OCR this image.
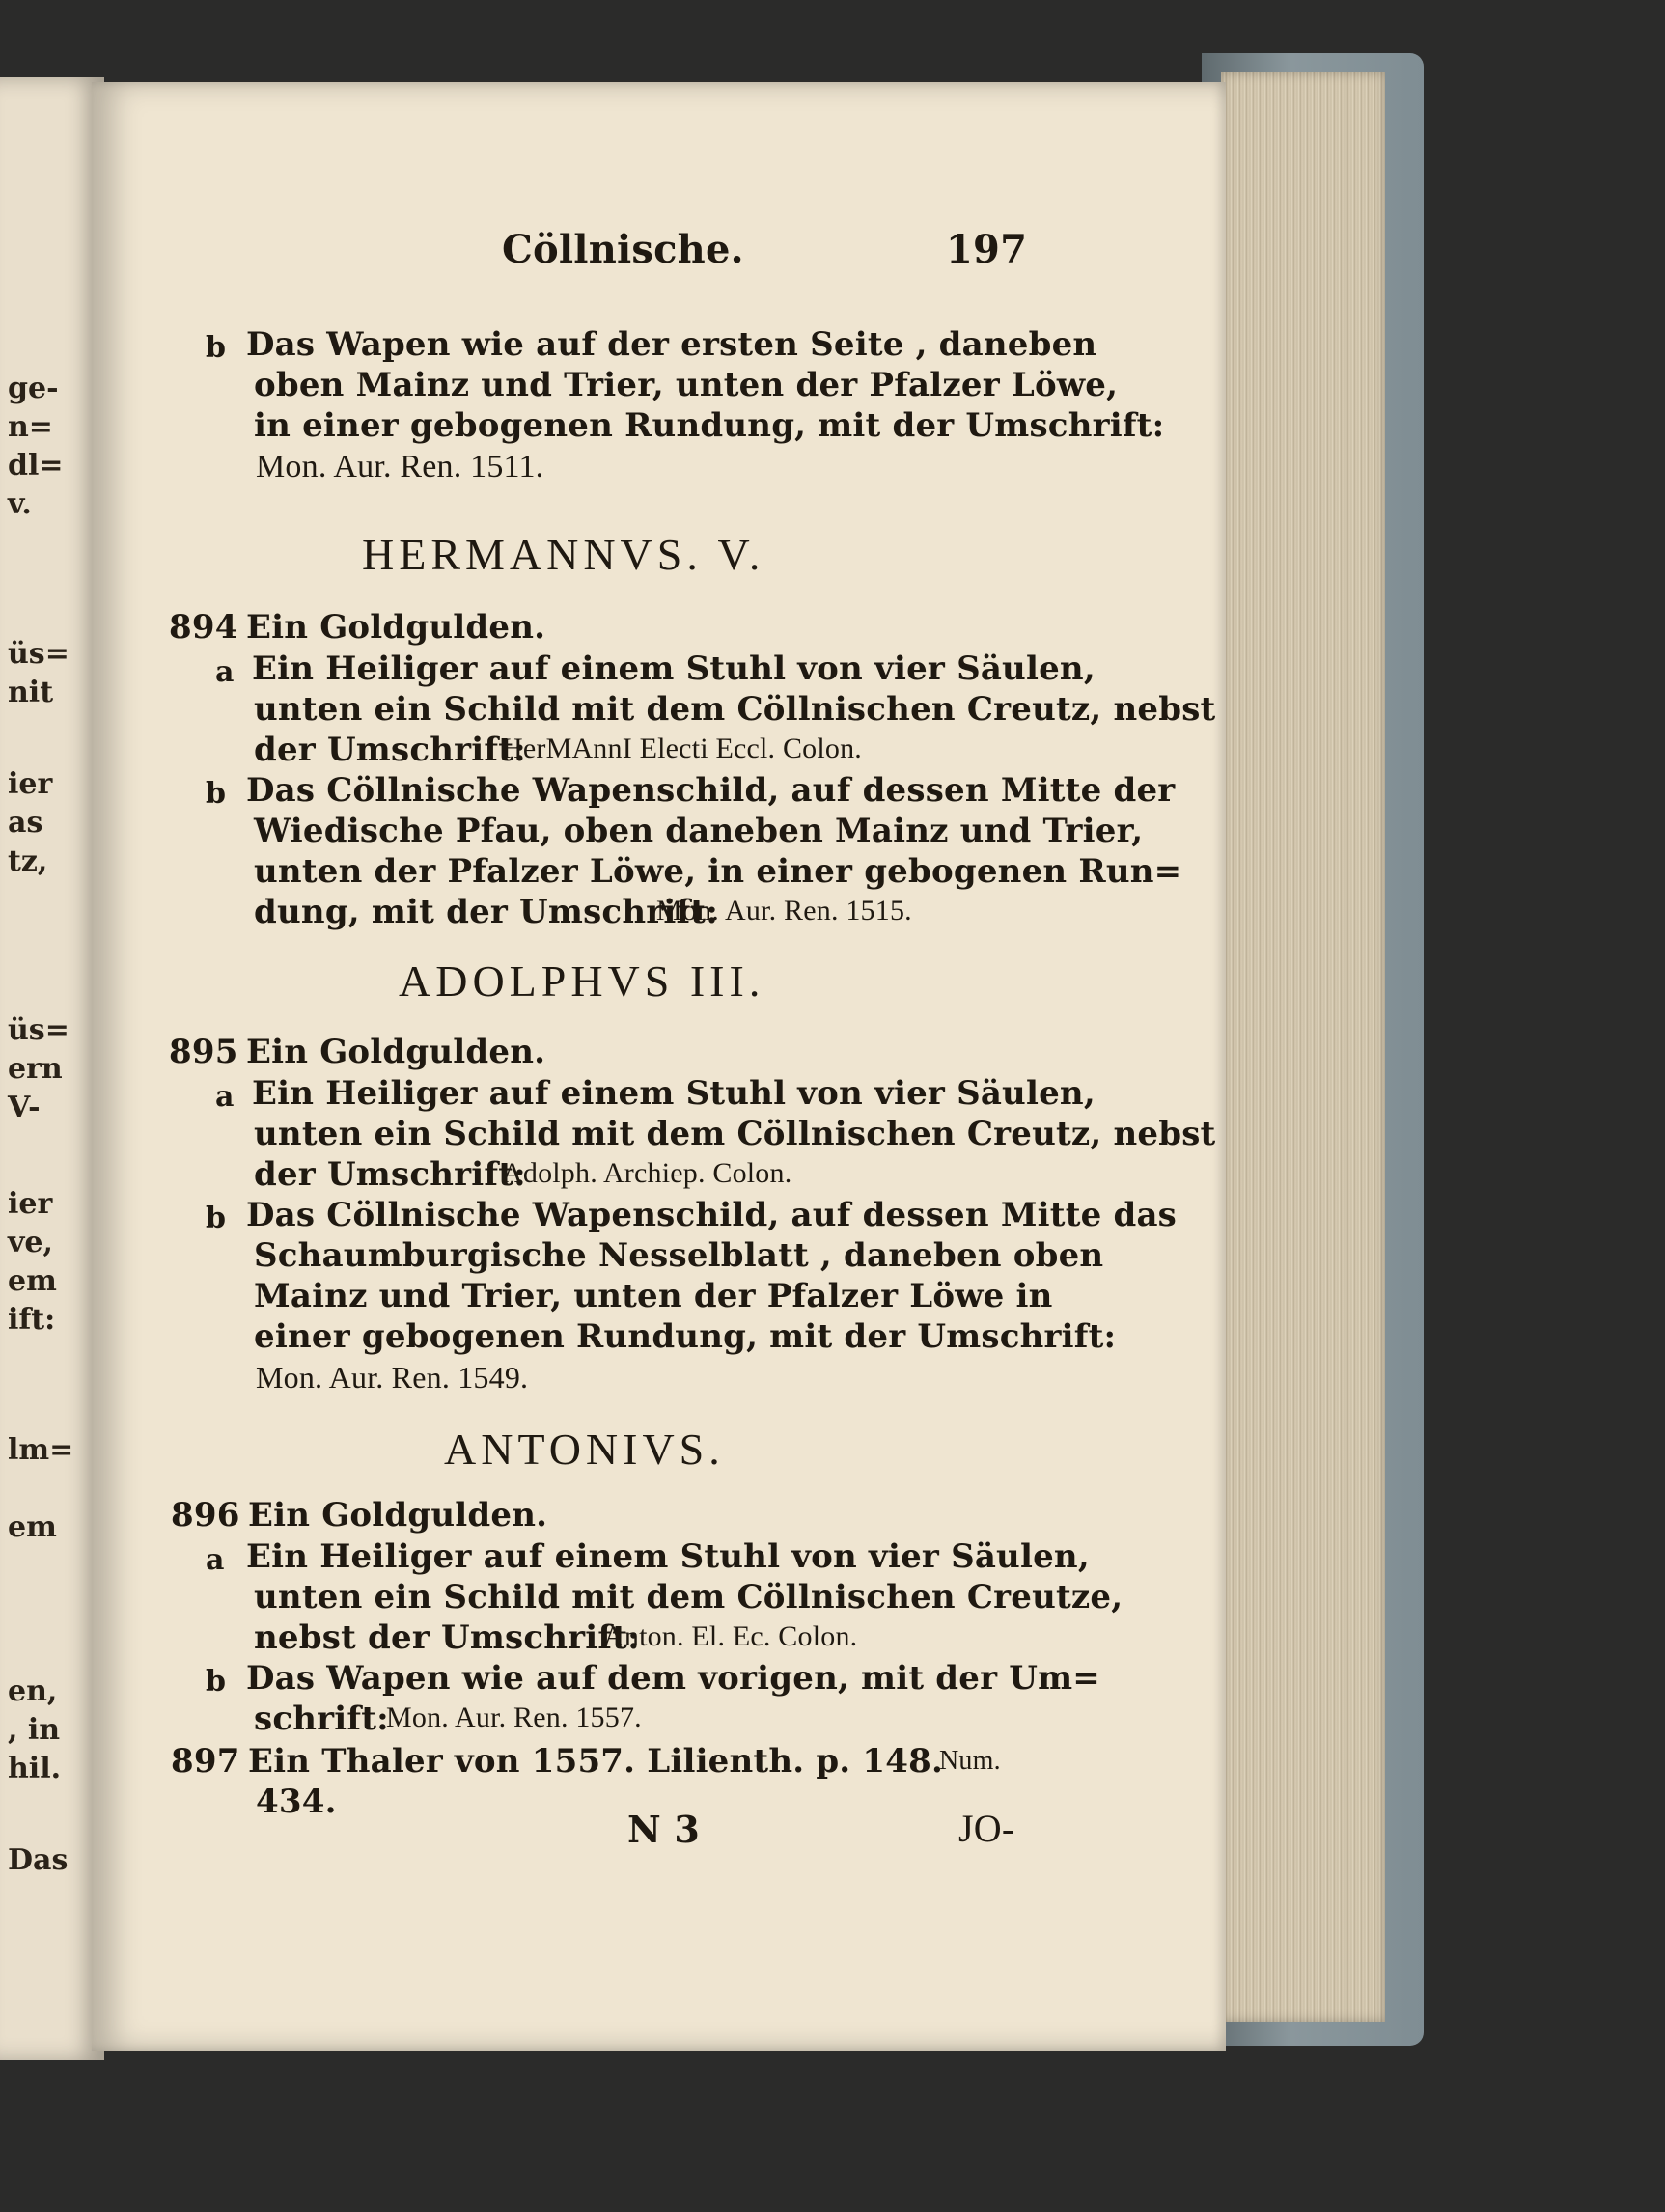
ge-
n=
dl=
v.
üs=
nit
ier
as
tz,
üs=
ern
V-
ier
ve,
em
ift:
lm=
em
en,
, in
hil.
Das
Cöllnische.	197
b Das Wapen wie auf der ersten Seite , daneben
oben Mainz und Trier, unten der Pfalzer Löwe,
in einer gebogenen Rundung, mit der Umschrift:
Mon. Aur. Ren. 1511.
HERMANNVS. V.
894 Ein Goldgulden.
a Ein Heiliger auf einem Stuhl von vier Säulen,
unten ein Schild mit dem Cöllnischen Creutz, nebst
der Umschrift:
HerMAnnI Electi Eccl. Colon.
b Das Cöllnische Wapenschild, auf dessen Mitte der
Wiedische Pfau, oben daneben Mainz und Trier,
unten der Pfalzer Löwe, in einer gebogenen Run=
dung, mit der Umschrift:
Mon. Aur. Ren. 1515.
ADOLPHVS III.
895 Ein Goldgulden.
a Ein Heiliger auf einem Stuhl von vier Säulen,
unten ein Schild mit dem Cöllnischen Creutz, nebst
der Umschrift:
Adolph. Archiep. Colon.
b Das Cöllnische Wapenschild, auf dessen Mitte das
Schaumburgische Nesselblatt , daneben oben
Mainz und Trier, unten der Pfalzer Löwe in
einer gebogenen Rundung, mit der Umschrift:
Mon. Aur. Ren. 1549.
ANTONIVS.
896 Ein Goldgulden.
a Ein Heiliger auf einem Stuhl von vier Säulen,
unten ein Schild mit dem Cöllnischen Creutze,
nebst der Umschrift:
Anton. El. Ec. Colon.
b Das Wapen wie auf dem vorigen, mit der Um=
schrift:
Mon. Aur. Ren. 1557.
897 Ein Thaler von 1557. Lilienth. p. 148.
Num.
434.
N 3	JO-
